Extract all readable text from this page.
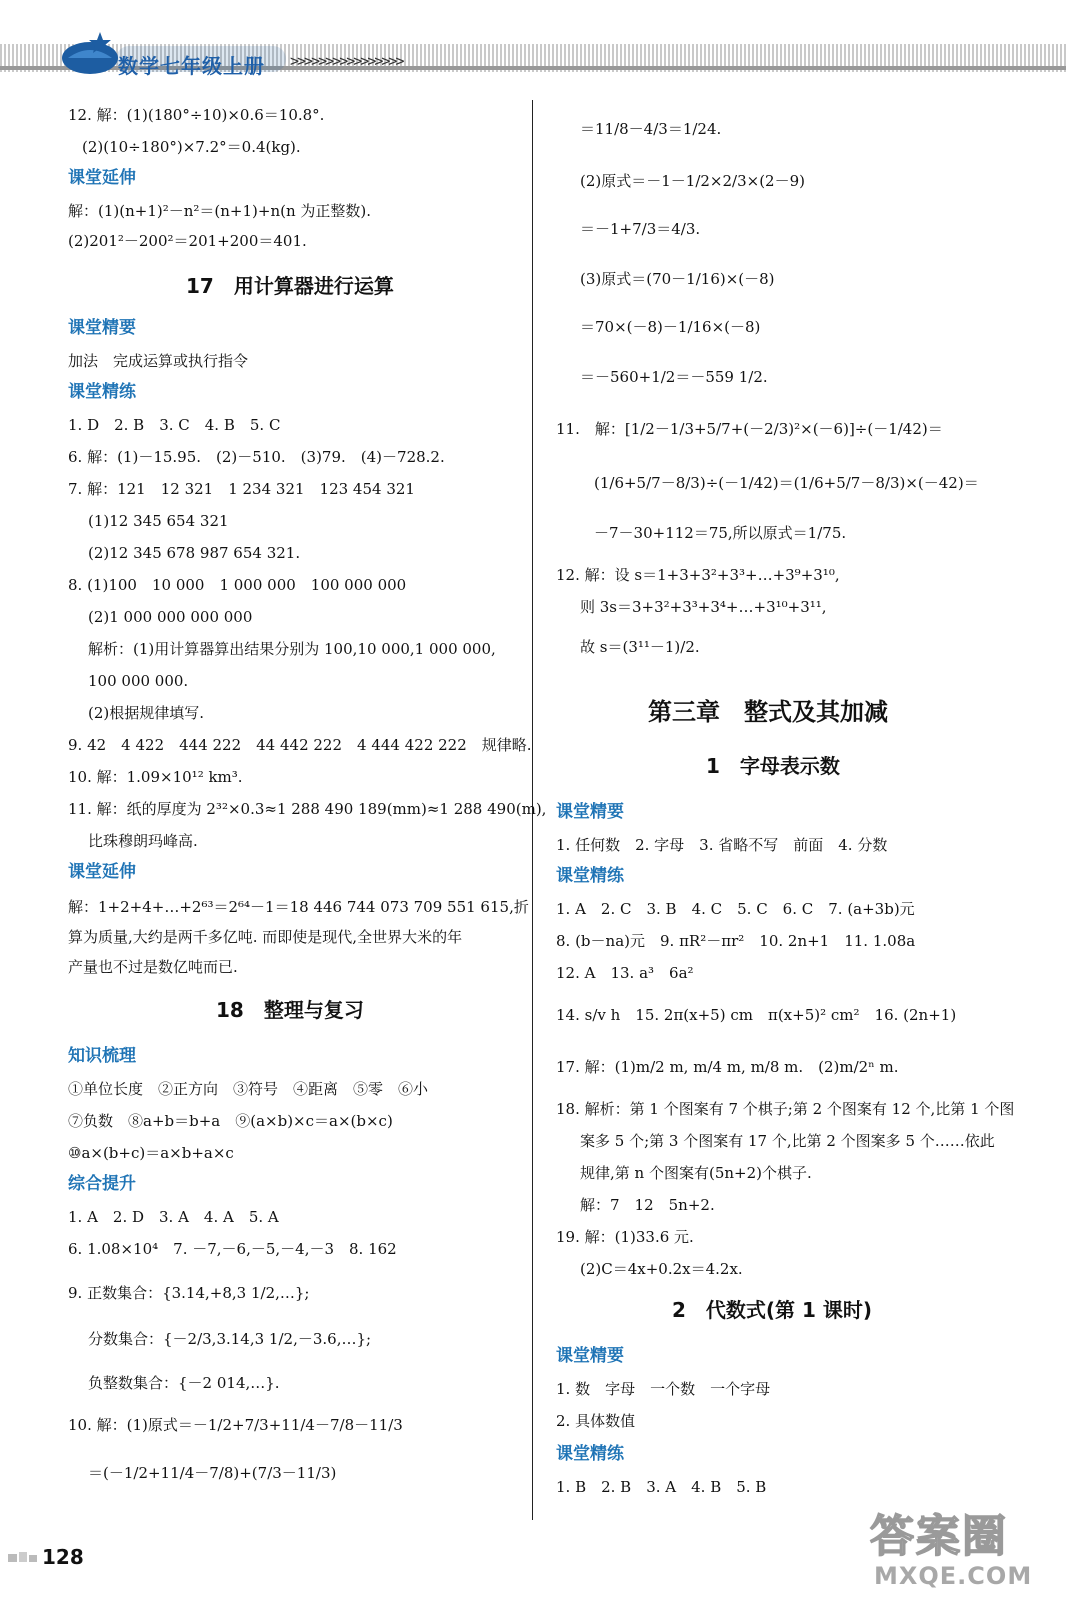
数学七年级上册 >>>>>>>>>>>>>>>>
12. 解：(1)(180°÷10)×0.6＝10.8°.
(2)(10÷180°)×7.2°＝0.4(kg).
课堂延伸
解：(1)(n+1)²－n²＝(n+1)+n(n 为正整数).
(2)201²－200²＝201+200＝401.
17　用计算器进行运算
课堂精要
加法　完成运算或执行指令
课堂精练
1. D　2. B　3. C　4. B　5. C
6. 解：(1)－15.95.　(2)－510.　(3)79.　(4)－728.2.
7. 解：121　12 321　1 234 321　123 454 321
(1)12 345 654 321
(2)12 345 678 987 654 321.
8. (1)100　10 000　1 000 000　100 000 000
(2)1 000 000 000 000
解析：(1)用计算器算出结果分别为 100,10 000,1 000 000,
100 000 000.
(2)根据规律填写.
9. 42　4 422　444 222　44 442 222　4 444 422 222　规律略.
10. 解：1.09×10¹² km³.
11. 解：纸的厚度为 2³²×0.3≈1 288 490 189(mm)≈1 288 490(m),
比珠穆朗玛峰高.
课堂延伸
解：1+2+4+…+2⁶³＝2⁶⁴－1＝18 446 744 073 709 551 615,折
算为质量,大约是两千多亿吨. 而即使是现代,全世界大米的年
产量也不过是数亿吨而已.
18　整理与复习
知识梳理
①单位长度　②正方向　③符号　④距离　⑤零　⑥小
⑦负数　⑧a+b＝b+a　⑨(a×b)×c＝a×(b×c)
⑩a×(b+c)＝a×b+a×c
综合提升
1. A　2. D　3. A　4. A　5. A
6. 1.08×10⁴　7. －7,－6,－5,－4,－3　8. 162
9. 正数集合：{3.14,+8,3 1/2,…};
分数集合：{－2/3,3.14,3 1/2,－3.6,…};
负整数集合：{－2 014,…}.
10. 解：(1)原式＝－1/2+7/3+11/4－7/8－11/3
＝(－1/2+11/4－7/8)+(7/3－11/3)
＝11/8－4/3＝1/24.
(2)原式＝－1－1/2×2/3×(2－9)
＝－1+7/3＝4/3.
(3)原式＝(70－1/16)×(－8)
＝70×(－8)－1/16×(－8)
＝－560+1/2＝－559 1/2.
11.　解：[1/2－1/3+5/7+(－2/3)²×(－6)]÷(－1/42)＝
(1/6+5/7－8/3)÷(－1/42)＝(1/6+5/7－8/3)×(－42)＝
－7－30+112＝75,所以原式＝1/75.
12. 解：设 s＝1+3+3²+3³+…+3⁹+3¹⁰,
则 3s＝3+3²+3³+3⁴+…+3¹⁰+3¹¹,
故 s＝(3¹¹－1)/2.
第三章　整式及其加减
1　字母表示数
课堂精要
1. 任何数　2. 字母　3. 省略不写　前面　4. 分数
课堂精练
1. A　2. C　3. B　4. C　5. C　6. C　7. (a+3b)元
8. (b－na)元　9. πR²－πr²　10. 2n+1　11. 1.08a
12. A　13. a³　6a²
14. s/v h　15. 2π(x+5) cm　π(x+5)² cm²　16. (2n+1)
17. 解：(1)m/2 m, m/4 m, m/8 m.　(2)m/2ⁿ m.
18. 解析：第 1 个图案有 7 个棋子;第 2 个图案有 12 个,比第 1 个图
案多 5 个;第 3 个图案有 17 个,比第 2 个图案多 5 个……依此
规律,第 n 个图案有(5n+2)个棋子.
解：7　12　5n+2.
19. 解：(1)33.6 元.
(2)C＝4x+0.2x＝4.2x.
2　代数式(第 1 课时)
课堂精要
1. 数　字母　一个数　一个字母
2. 具体数值
课堂精练
1. B　2. B　3. A　4. B　5. B
128	答案圈
MXQE.COM
